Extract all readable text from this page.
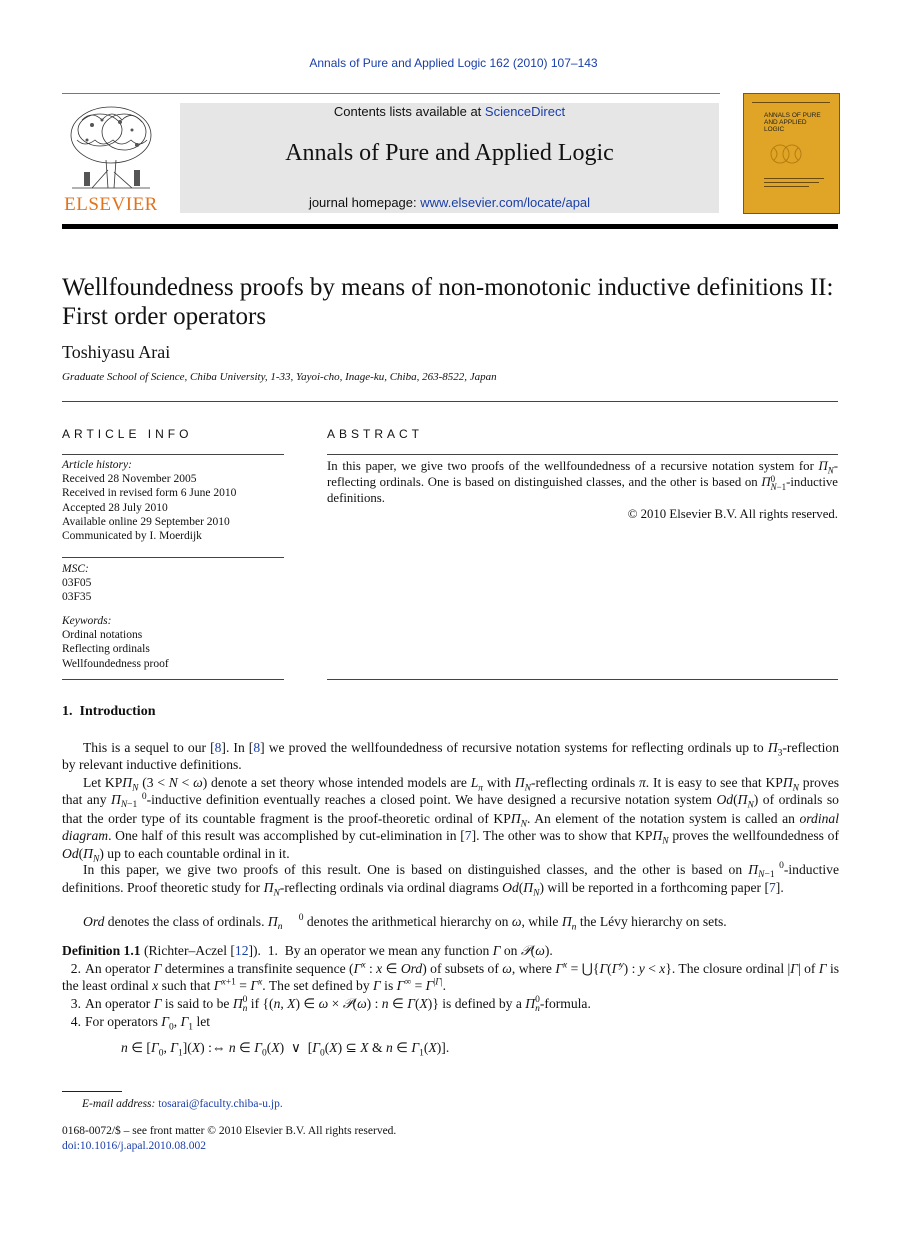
Annals of Pure and Applied Logic 162 (2010) 107–143
ELSEVIER
Contents lists available at ScienceDirect
Annals of Pure and Applied Logic
journal homepage: www.elsevier.com/locate/apal
ANNALS OF PURE AND APPLIED LOGIC
Wellfoundedness proofs by means of non-monotonic inductive definitions II: First order operators
Toshiyasu Arai
Graduate School of Science, Chiba University, 1-33, Yayoi-cho, Inage-ku, Chiba, 263-8522, Japan
ARTICLE INFO	ABSTRACT
Article history:
Received 28 November 2005
Received in revised form 6 June 2010
Accepted 28 July 2010
Available online 29 September 2010
Communicated by I. Moerdijk
MSC:
03F05
03F35
Keywords:
Ordinal notations
Reflecting ordinals
Wellfoundedness proof
In this paper, we give two proofs of the wellfoundedness of a recursive notation system for $\Pi_N$-reflecting ordinals. One is based on distinguished classes, and the other is based on Π0
N−1-inductive definitions.
© 2010 Elsevier B.V. All rights reserved.
1. Introduction
This is a sequel to our [8]. In [8] we proved the wellfoundedness of recursive notation systems for reflecting ordinals up to $\Pi_3$-reflection by relevant inductive definitions.
Let $KP\Pi_N$ (3 < N < ω) denote a set theory whose intended models are $L_\pi$ with $\Pi_N$-reflecting ordinals π. It is easy to see that $KP\Pi_N$ proves that any Π 0
N−1 -inductive definition eventually reaches a closed point. We have designed a recursive notation system $Od(\Pi_N)$ of ordinals so that the order type of its countable fragment is the proof-theoretic ordinal of $KP\Pi_N$. An element of the notation system is called an ordinal diagram. One half of this result was accomplished by cut-elimination in [7]. The other was to show that $KP\Pi_N$ proves the wellfoundedness of $Od(\Pi_N)$ up to each countable ordinal in it.
In this paper, we give two proofs of this result. One is based on distinguished classes, and the other is based on Π 0
N−1 -inductive definitions. Proof theoretic study for $\Pi_N$-reflecting ordinals via ordinal diagrams $Od(\Pi_N)$ will be reported in a forthcoming paper [7].
Ord denotes the class of ordinals. Π 0
n denotes the arithmetical hierarchy on ω, while $\Pi_n$ the Lévy hierarchy on sets.
Definition 1.1 (Richter–Aczel [12]).  1.  By an operator we mean any function Γ on 𝒫(ω).
2. An operator Γ determines a transfinite sequence ($\Gamma^x$ : x ∈ Ord) of subsets of ω, where $\Gamma^x$ = $⋃\{\Gamma(\Gamma^y)$ : y < x}. The closure ordinal |Γ| of Γ is the least ordinal x such that $\Gamma^{x+1} = \Gamma^x$. The set defined by Γ is $\Gamma^\infty = \Gamma^{|\Gamma|}$.
3. An operator Γ is said to be Π0
n if {(n, X) ∈ ω × 𝒫(ω) : n ∈ Γ(X)} is defined by a Π0
n-formula.
4. For operators $\Gamma_0$, $\Gamma_1$ let
n ∈ [$\Gamma_0$, $\Gamma_1](X)$ :⇔ n ∈ $\Gamma_0(X)$  ∨  [$\Gamma_0(X)$ ⊆ X & n ∈ $\Gamma_1(X)$].
E-mail address: tosarai@faculty.chiba-u.jp.
0168-0072/$ – see front matter © 2010 Elsevier B.V. All rights reserved.
doi:10.1016/j.apal.2010.08.002
